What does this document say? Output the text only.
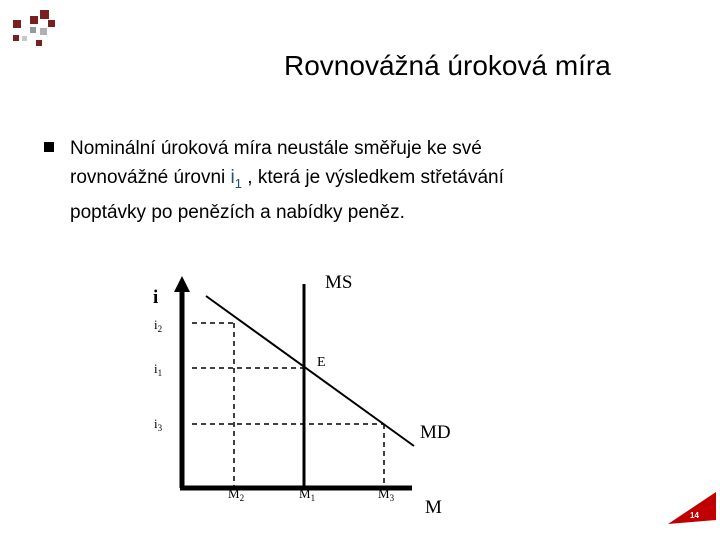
Rovnovážná úroková míra
Nominální úroková míra neustále směřuje ke své
rovnovážné úrovni $i_1$ , která je výsledkem střetávání
poptávky po penězích a nabídky peněz.
i
MS
MD
E
M
$i_2$
$i_1$
$i_3$
$M_2$	$M_1$	$M_3$
14
